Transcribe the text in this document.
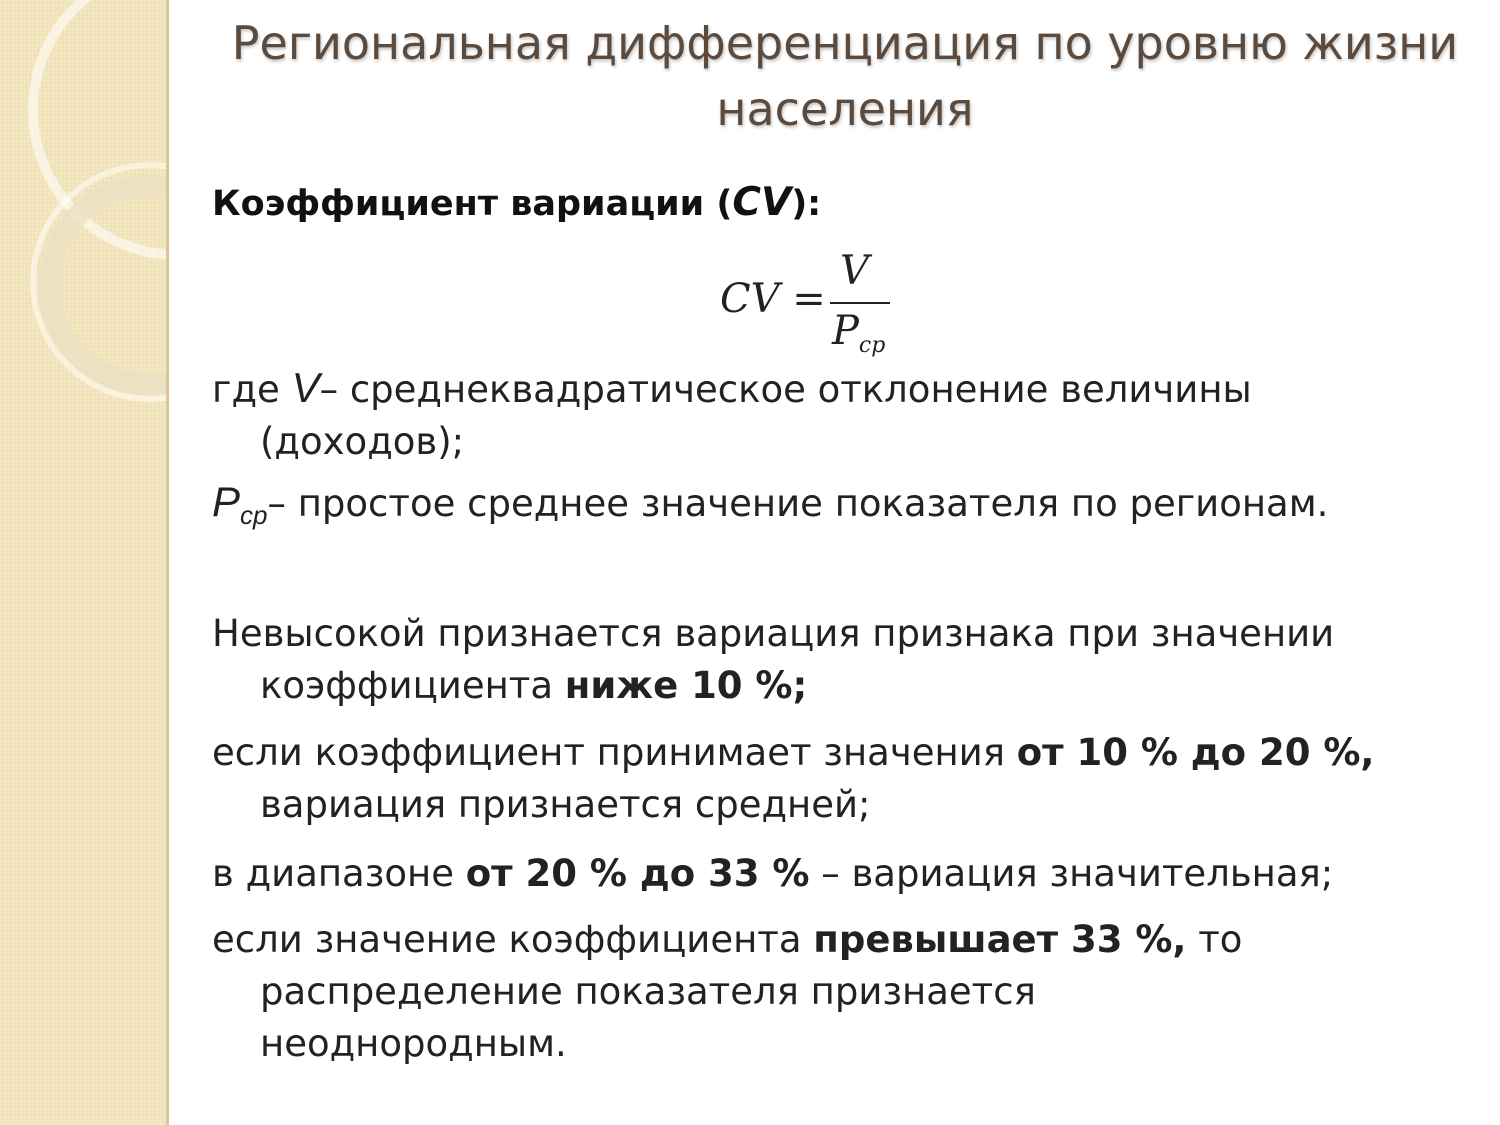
Региональная дифференциация по уровню жизни населения
Коэффициент вариации (CV):
CV =
V
$P_{ср}$
где V– среднеквадратическое отклонение величины
(доходов);
$P_{ср}-$ простое среднее значение показателя по регионам.
Невысокой признается вариация признака при значении
коэффициента ниже 10 %;
если коэффициент принимает значения от 10 % до 20 %,
вариация признается средней;
в диапазоне от 20 % до 33 % – вариация значительная;
если значение коэффициента превышает 33 %, то
распределение показателя признается
неоднородным.
